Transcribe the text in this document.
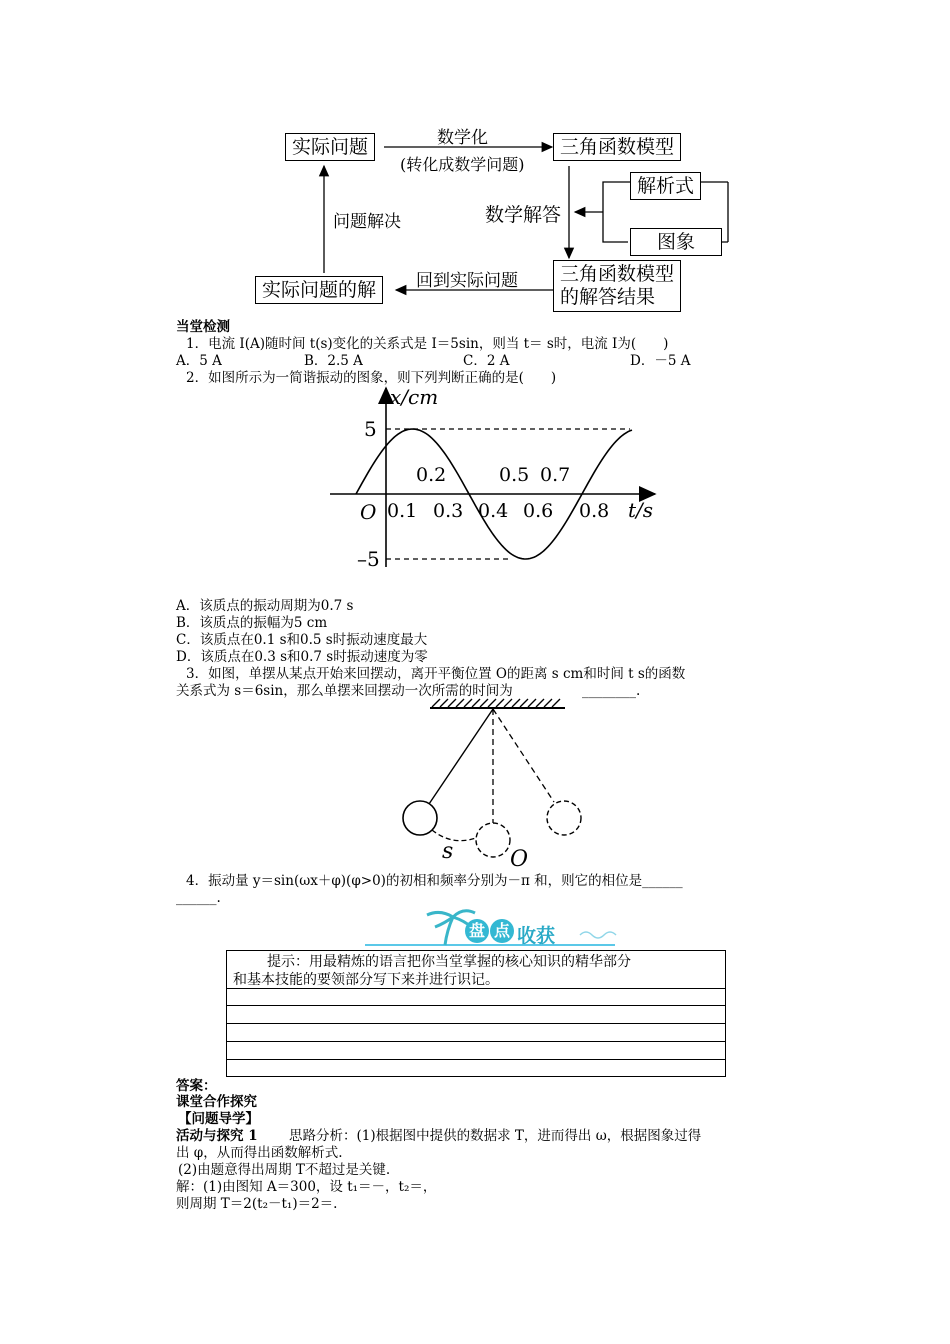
实际问题	三角函数模型
数学化
(转化成数学问题)
解析式
图象
数学解答
问题解决
三角函数模型
的解答结果
回到实际问题
实际问题的解
当堂检测
1．电流 I(A)随时间 t(s)变化的关系式是 I＝5sin，则当 t＝ s时，电流 I为(　　)
A．5 A	B．2.5 A	C．2 A	D．－5 A
2．如图所示为一简谐振动的图象，则下列判断正确的是(　　)
x/cm
t/s
O
5
–5
0.1 0.3 0.4 0.6 0.8
0.2	0.5 0.7
A．该质点的振动周期为0.7 s
B．该质点的振幅为5 cm
C．该质点在0.1 s和0.5 s时振动速度最大
D．该质点在0.3 s和0.7 s时振动速度为零
3．如图，单摆从某点开始来回摆动，离开平衡位置 O的距离 s cm和时间 t s的函数
关系式为 s＝6sin，那么单摆来回摆动一次所需的时间为	________.
s	O
4．振动量 y＝sin(ωx＋φ)(φ>0)的初相和频率分别为－π 和，则它的相位是______
______.
盘 点 收获
提示：用最精炼的语言把你当堂掌握的核心知识的精华部分
和基本技能的要领部分写下来并进行识记。
答案：
课堂合作探究
【问题导学】
活动与探究 1 思路分析：(1)根据图中提供的数据求 T，进而得出 ω，根据图象过得
出 φ，从而得出函数解析式.
(2)由题意得出周期 T不超过是关键.
解：(1)由图知 A＝300，设 t₁＝－，t₂＝，
则周期 T＝2(t₂－t₁)＝2＝.
